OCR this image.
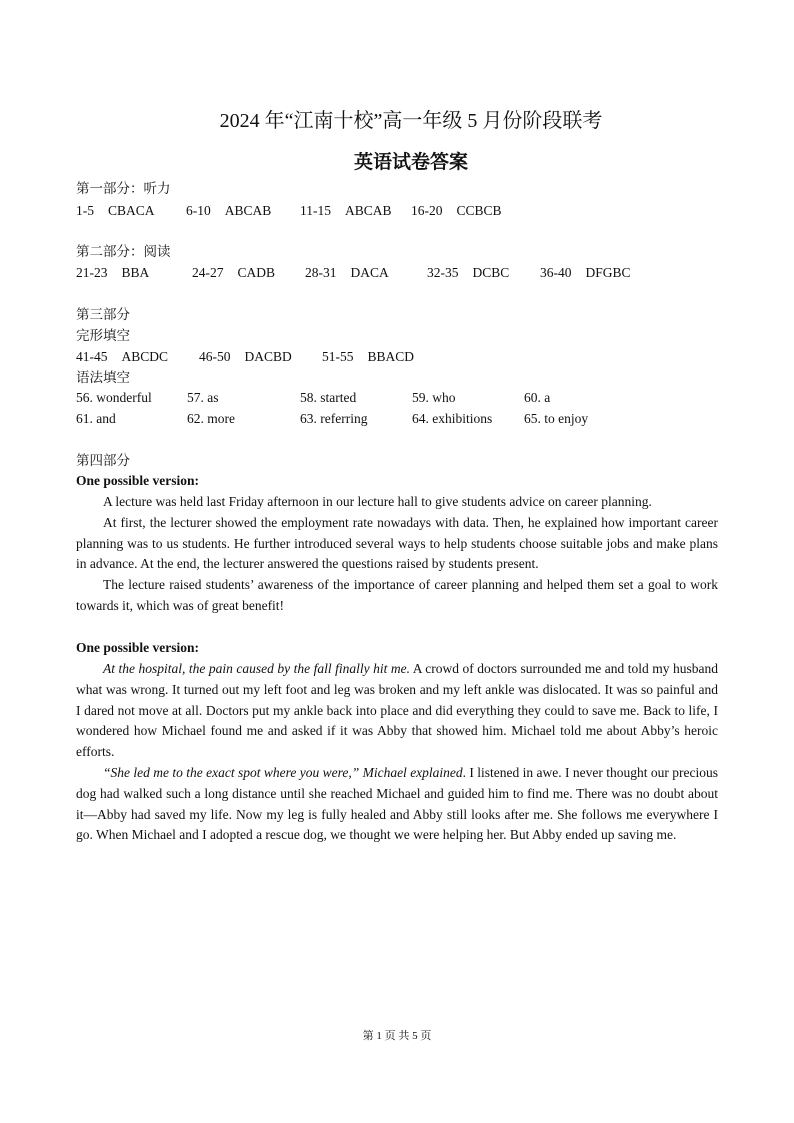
2024 年“江南十校”高一年级 5 月份阶段联考
英语试卷答案
第一部分：听力
1-5 CBACA 6-10 ABCAB 11-15 ABCAB 16-20 CCBCB
第二部分：阅读
21-23 BBA	24-27 CADB 28-31 DACA	32-35 DCBC 36-40 DFGBC
第三部分
完形填空
41-45 ABCDC 46-50 DACBD 51-55 BBACD
语法填空
56. wonderful	57. as	58. started	59. who	60. a
61. and	62. more	63. referring	64. exhibitions 65. to enjoy
第四部分
One possible version:

A lecture was held last Friday afternoon in our lecture hall to give students advice on career planning.

At first, the lecturer showed the employment rate nowadays with data. Then, he explained how important career planning was to us students. He further introduced several ways to help students choose suitable jobs and make plans in advance. At the end, the lecturer answered the questions raised by students present.

The lecture raised students’ awareness of the importance of career planning and helped them set a goal to work towards it, which was of great benefit!

One possible version:

At the hospital, the pain caused by the fall finally hit me. A crowd of doctors surrounded me and told my husband what was wrong. It turned out my left foot and leg was broken and my left ankle was dislocated. It was so painful and I dared not move at all. Doctors put my ankle back into place and did everything they could to save me. Back to life, I wondered how Michael found me and asked if it was Abby that showed him. Michael told me about Abby’s heroic efforts.

“She led me to the exact spot where you were,” Michael explained. I listened in awe. I never thought our precious dog had walked such a long distance until she reached Michael and guided him to find me. There was no doubt about it—Abby had saved my life. Now my leg is fully healed and Abby still looks after me. She follows me everywhere I go. When Michael and I adopted a rescue dog, we thought we were helping her. But Abby ended up saving me.

第 1 页 共 5 页
